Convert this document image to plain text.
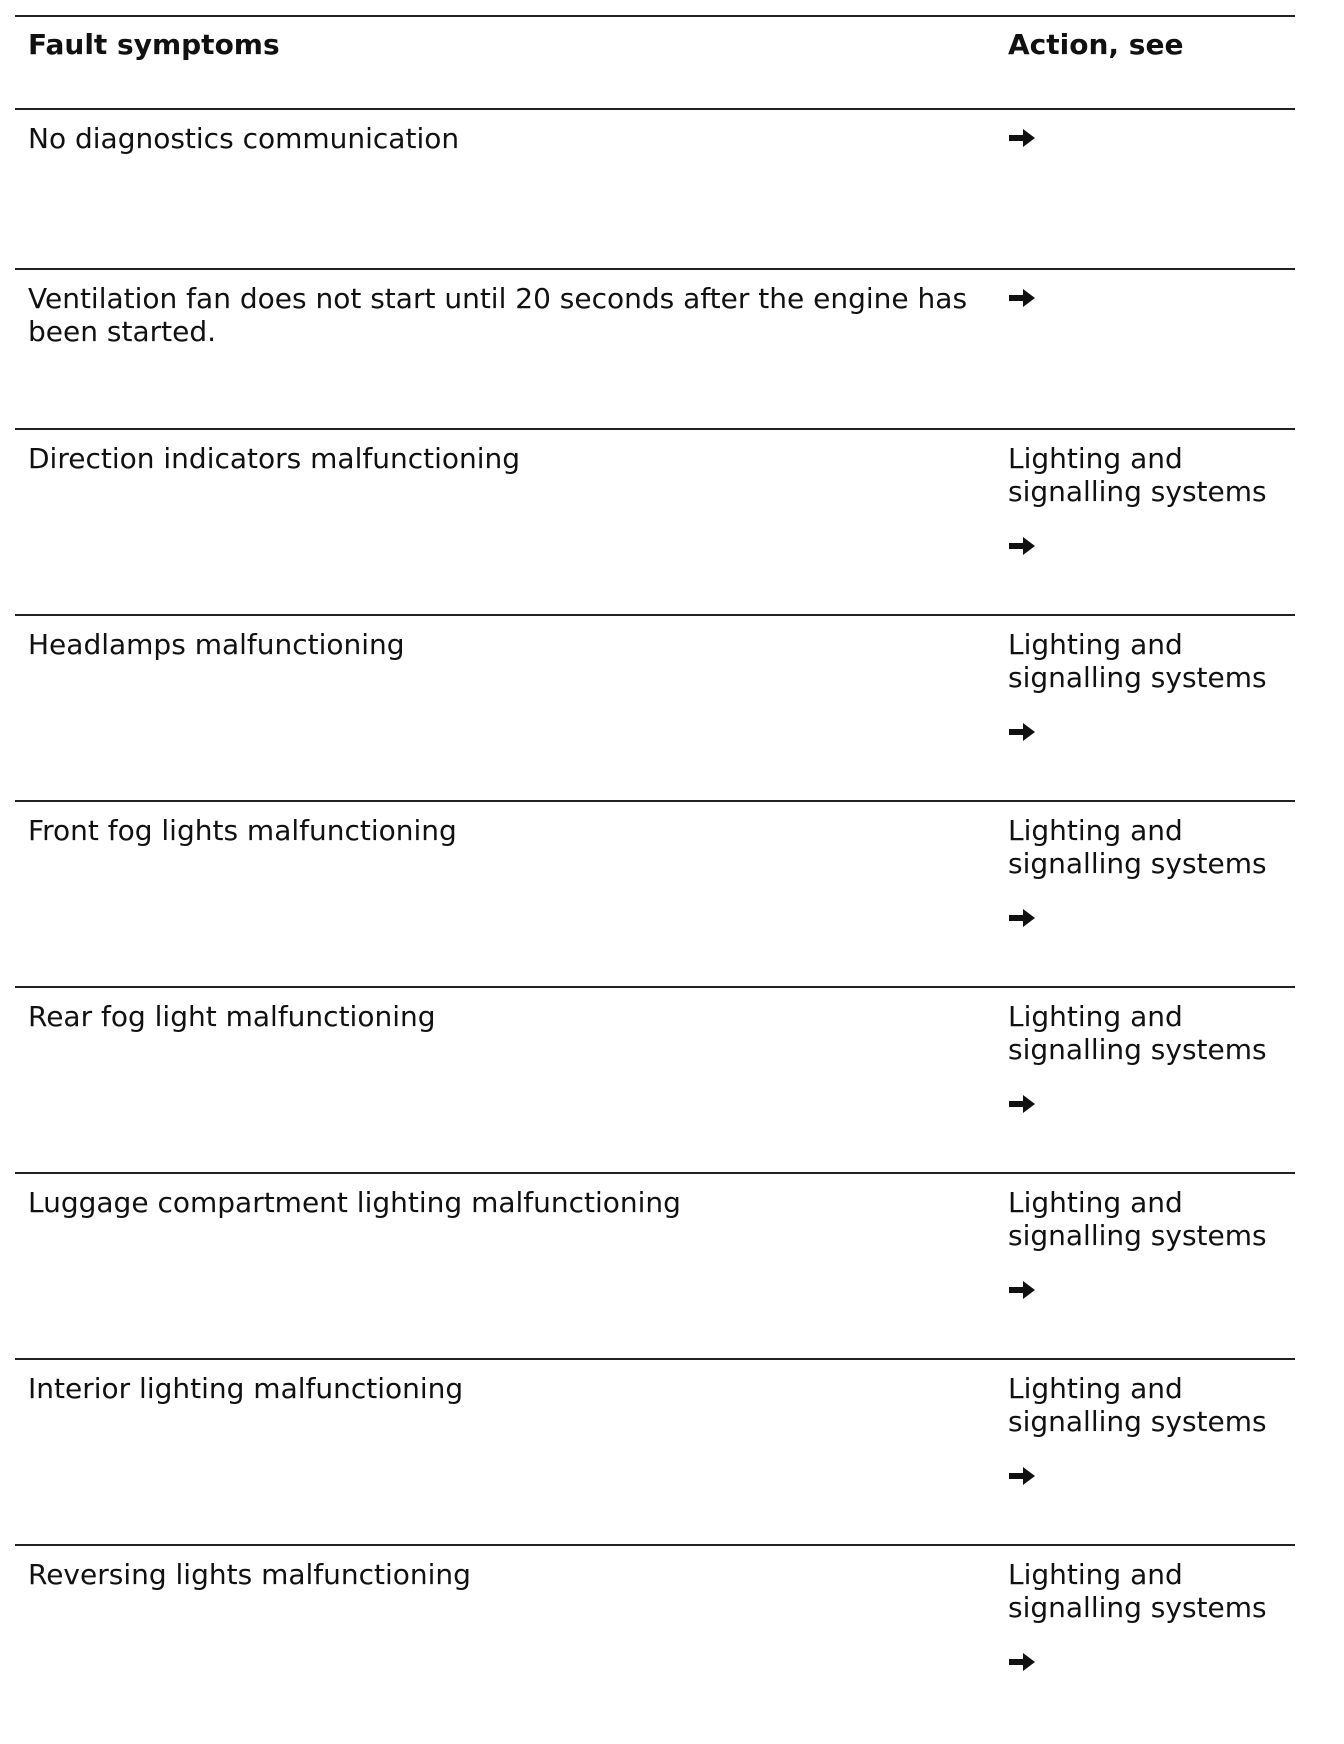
Fault symptoms	Action, see
No diagnostics communication
Ventilation fan does not start until 20 seconds after the engine has been started.
Direction indicators malfunctioning	Lighting and signalling systems
Headlamps malfunctioning	Lighting and signalling systems
Front fog lights malfunctioning	Lighting and signalling systems
Rear fog light malfunctioning	Lighting and signalling systems
Luggage compartment lighting malfunctioning	Lighting and signalling systems
Interior lighting malfunctioning	Lighting and signalling systems
Reversing lights malfunctioning	Lighting and signalling systems
